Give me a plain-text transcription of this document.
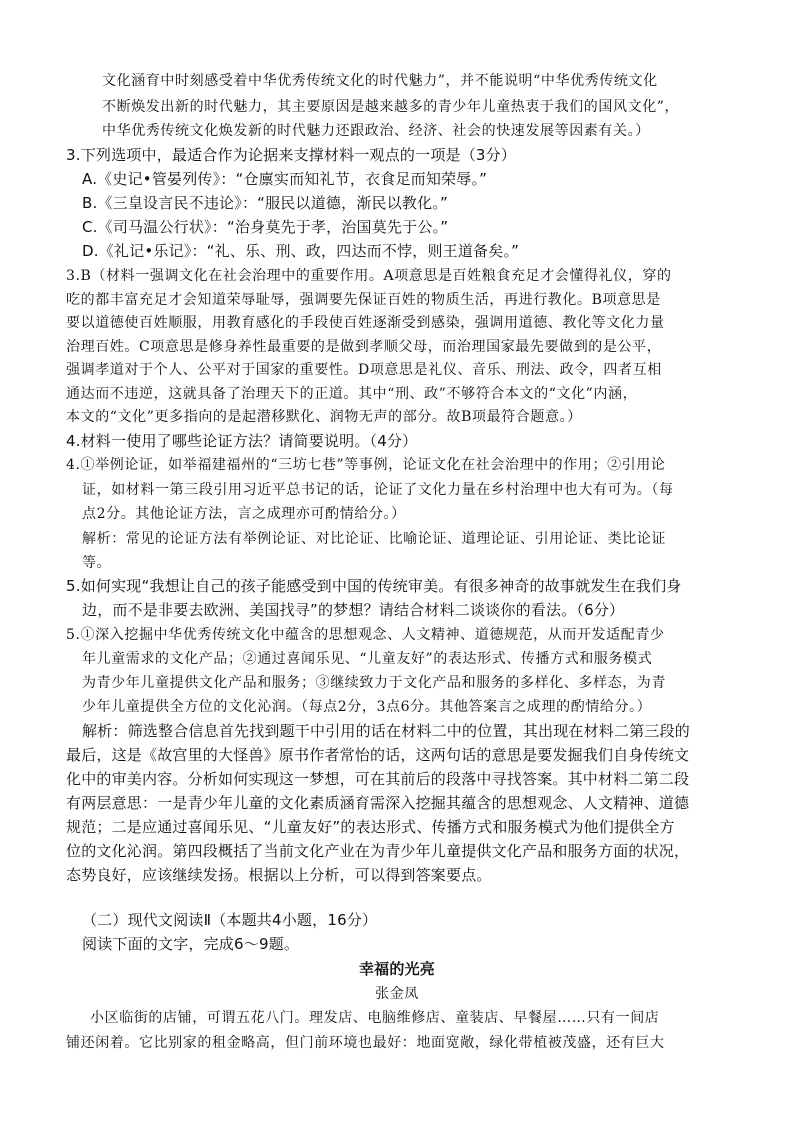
文化涵育中时刻感受着中华优秀传统文化的时代魅力”，并不能说明“中华优秀传统文化
不断焕发出新的时代魅力，其主要原因是越来越多的青少年儿童热衷于我们的国风文化”，
中华优秀传统文化焕发新的时代魅力还跟政治、经济、社会的快速发展等因素有关。）
3.下列选项中，最适合作为论据来支撑材料一观点的一项是（3分）
A.《史记•管晏列传》：“仓廪实而知礼节，衣食足而知荣辱。”
B.《三皇设言民不违论》：“服民以道德，渐民以教化。”
C.《司马温公行状》：“治身莫先于孝，治国莫先于公。”
D.《礼记•乐记》：“礼、乐、刑、政，四达而不悖，则王道备矣。”
3.B（材料一强调文化在社会治理中的重要作用。A项意思是百姓粮食充足才会懂得礼仪，穿的
吃的都丰富充足才会知道荣辱耻辱，强调要先保证百姓的物质生活，再进行教化。B项意思是
要以道德使百姓顺服，用教育感化的手段使百姓逐渐受到感染，强调用道德、教化等文化力量
治理百姓。C项意思是修身养性最重要的是做到孝顺父母，而治理国家最先要做到的是公平，
强调孝道对于个人、公平对于国家的重要性。D项意思是礼仪、音乐、刑法、政令，四者互相
通达而不违逆，这就具备了治理天下的正道。其中“刑、政”不够符合本文的“文化”内涵，
本文的“文化”更多指向的是起潜移默化、润物无声的部分。故B项最符合题意。）
4.材料一使用了哪些论证方法？请简要说明。（4分）
4.①举例论证，如举福建福州的“三坊七巷”等事例，论证文化在社会治理中的作用；②引用论
证，如材料一第三段引用习近平总书记的话，论证了文化力量在乡村治理中也大有可为。（每
点2分。其他论证方法，言之成理亦可酌情给分。）
解析：常见的论证方法有举例论证、对比论证、比喻论证、道理论证、引用论证、类比论证
等。
5.如何实现“我想让自己的孩子能感受到中国的传统审美。有很多神奇的故事就发生在我们身
边，而不是非要去欧洲、美国找寻”的梦想？请结合材料二谈谈你的看法。（6分）
5.①深入挖掘中华优秀传统文化中蕴含的思想观念、人文精神、道德规范，从而开发适配青少
年儿童需求的文化产品；②通过喜闻乐见、“儿童友好”的表达形式、传播方式和服务模式
为青少年儿童提供文化产品和服务；③继续致力于文化产品和服务的多样化、多样态，为青
少年儿童提供全方位的文化沁润。（每点2分，3点6分。其他答案言之成理的酌情给分。）
解析：筛选整合信息首先找到题干中引用的话在材料二中的位置，其出现在材料二第三段的
最后，这是《故宫里的大怪兽》原书作者常怡的话，这两句话的意思是要发掘我们自身传统文
化中的审美内容。分析如何实现这一梦想，可在其前后的段落中寻找答案。其中材料二第二段
有两层意思：一是青少年儿童的文化素质涵育需深入挖掘其蕴含的思想观念、人文精神、道德
规范；二是应通过喜闻乐见、“儿童友好”的表达形式、传播方式和服务模式为他们提供全方
位的文化沁润。第四段概括了当前文化产业在为青少年儿童提供文化产品和服务方面的状况，
态势良好，应该继续发扬。根据以上分析，可以得到答案要点。
（二）现代文阅读Ⅱ（本题共4小题，16分）
阅读下面的文字，完成6～9题。
幸福的光亮
张金凤
小区临街的店铺，可谓五花八门。理发店、电脑维修店、童装店、早餐屋……只有一间店
铺还闲着。它比别家的租金略高，但门前环境也最好：地面宽敞，绿化带植被茂盛，还有巨大
